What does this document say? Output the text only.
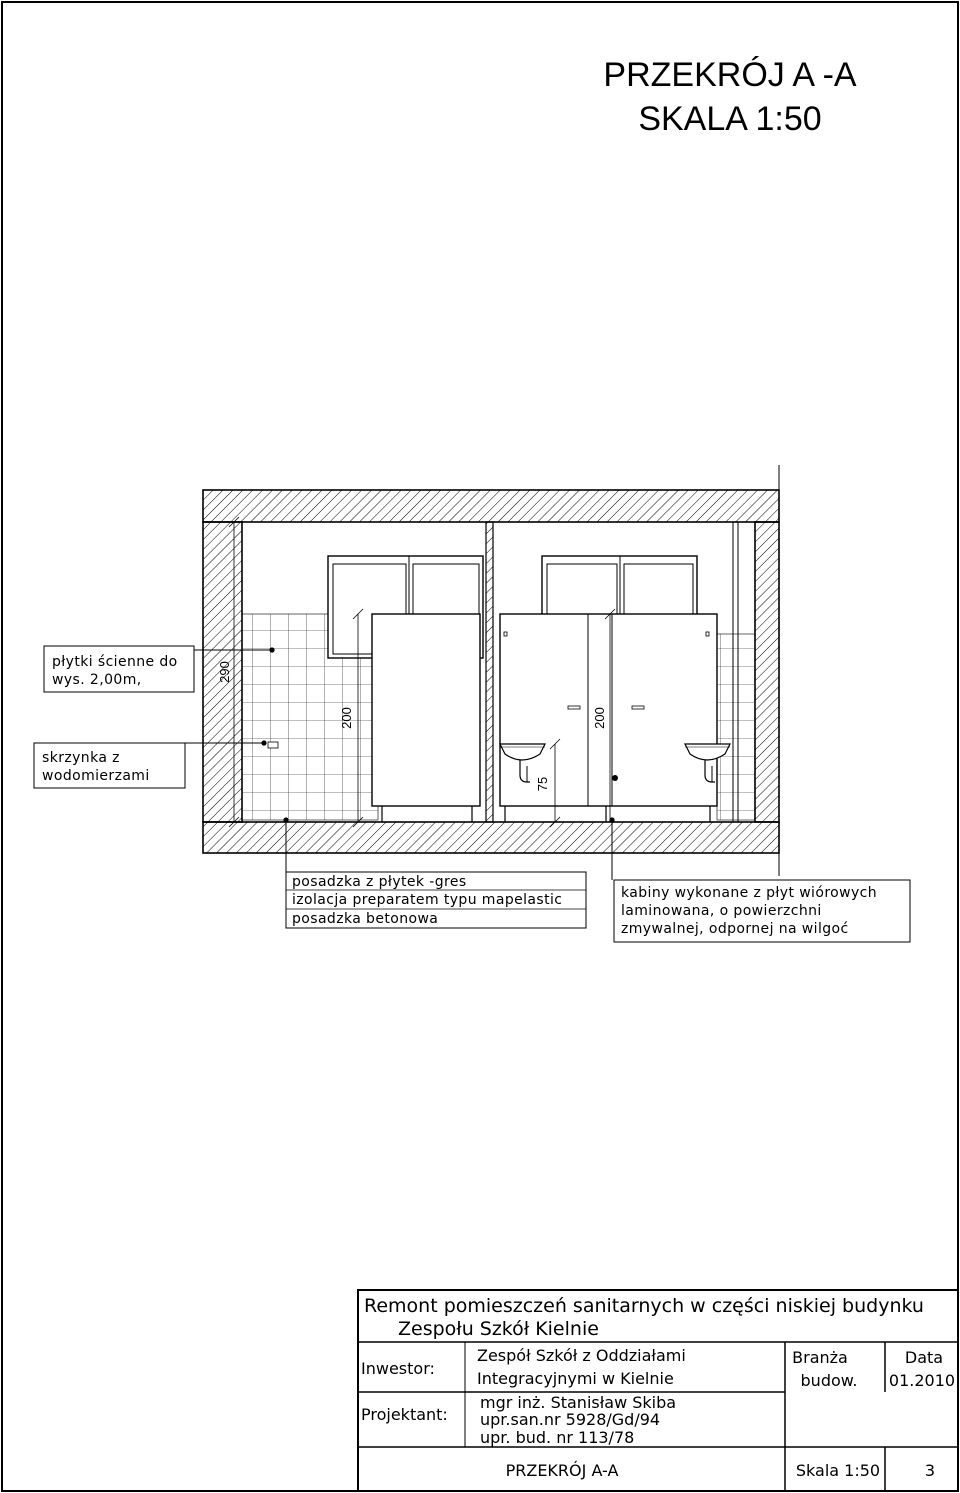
PRZEKRÓJ A -A
SKALA 1:50
290
200	200
75
płytki ścienne do
wys. 2,00m,
skrzynka z
wodomierzami
posadzka z płytek -gres
izolacja preparatem typu mapelastic
posadzka betonowa
kabiny wykonane z płyt wiórowych
laminowana, o powierzchni
zmywalnej, odpornej na wilgoć
Remont pomieszczeń sanitarnych w części niskiej budynku
Zespołu Szkół Kielnie
Inwestor:
Zespół Szkół z Oddziałami
Integracyjnymi w Kielnie
Branża
budow.
Data
01.2010
Projektant:
mgr inż. Stanisław Skiba
upr.san.nr 5928/Gd/94
upr. bud. nr 113/78
PRZEKRÓJ A-A	Skala 1:50	3
